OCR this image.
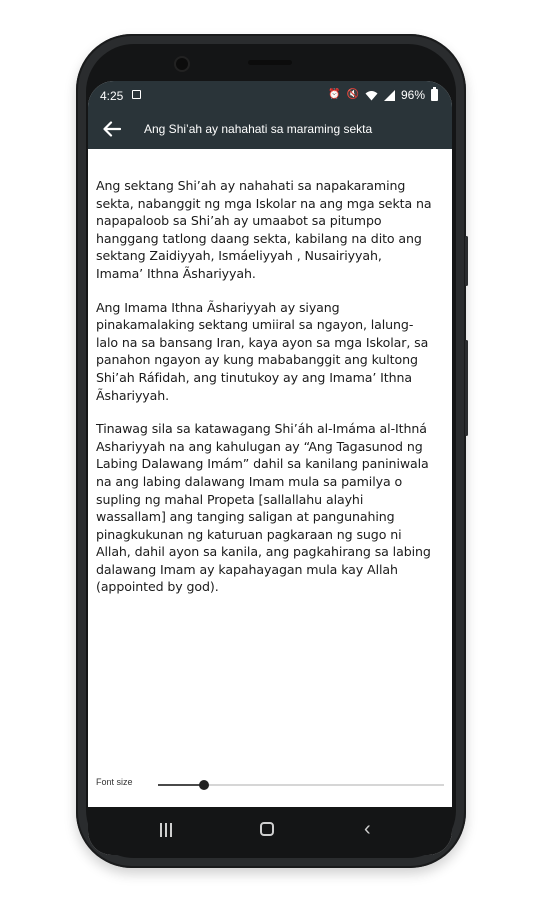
4:25	⏰ 🔇	96%
Ang Shi’ah ay nahahati sa maraming sekta

Ang sektang Shi’ah ay nahahati sa napakaraming sekta, nabanggit ng mga Iskolar na ang mga sekta na napapaloob sa Shi’ah ay umaabot sa pitumpo hanggang tatlong daang sekta, kabilang na dito ang sektang Zaidiyyah, Ismáeliyyah , Nusairiyyah, Imama’ Ithna Ãshariyyah.

Ang Imama Ithna Ãshariyyah ay siyang pinakamalaking sektang umiiral sa ngayon, lalung-lalo na sa bansang Iran, kaya ayon sa mga Iskolar, sa panahon ngayon ay kung mababanggit ang kultong Shi’ah Ráfidah, ang tinutukoy ay ang Imama’ Ithna Ãshariyyah.

Tinawag sila sa katawagang Shi’áh al-Imáma al-Ithná Ashariyyah na ang kahulugan ay “Ang Tagasunod ng Labing Dalawang Imám” dahil sa kanilang paniniwala na ang labing dalawang Imam mula sa pamilya o supling ng mahal Propeta [sallallahu alayhi wassallam] ang tanging saligan at pangunahing pinagkukunan ng katuruan pagkaraan ng sugo ni Allah, dahil ayon sa kanila, ang pagkahirang sa labing dalawang Imam ay kapahayagan mula kay Allah (appointed by god).

Font size
‹
